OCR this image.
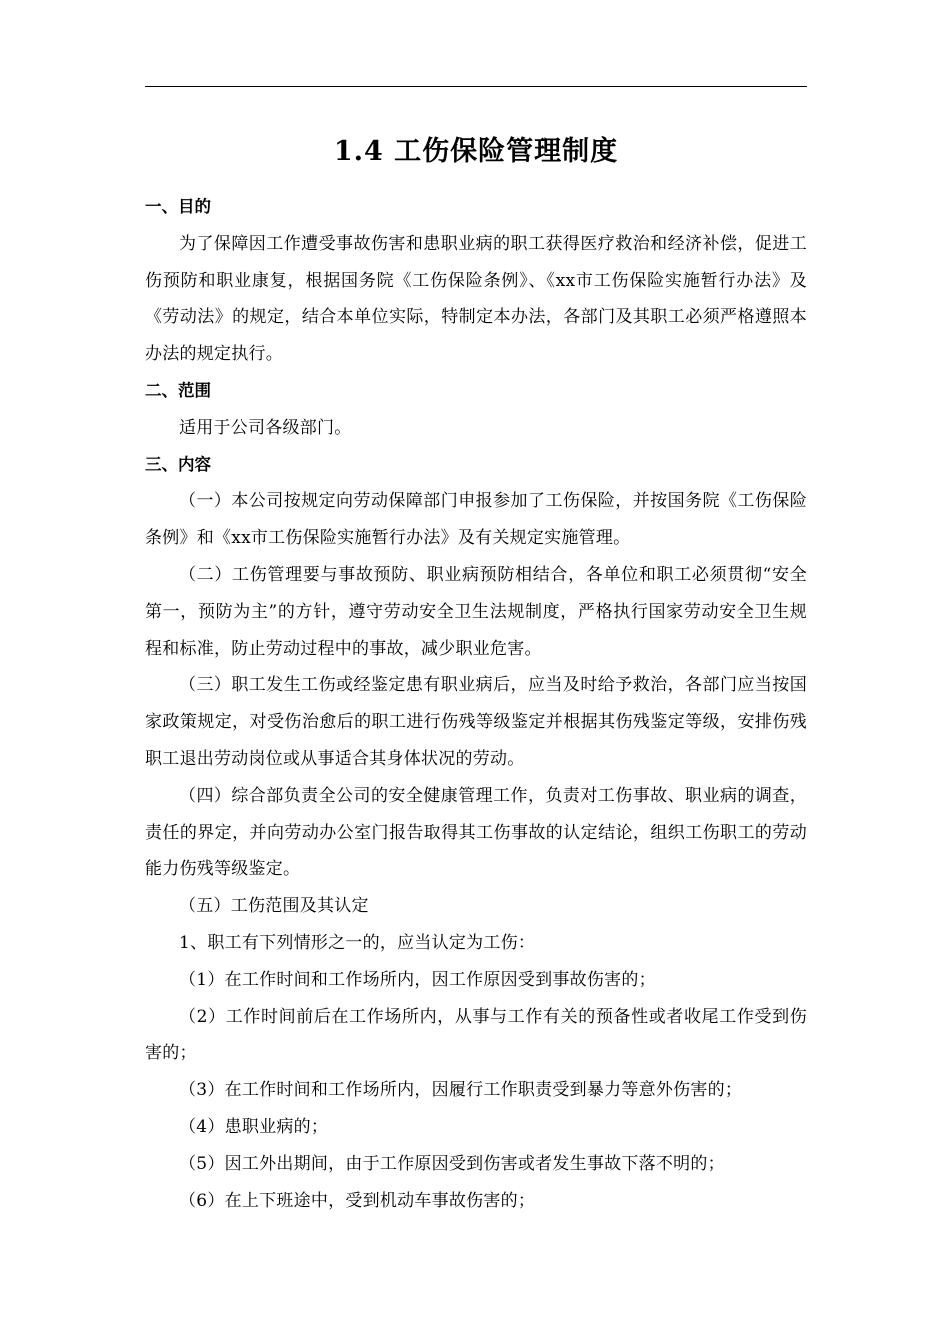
1.4 工伤保险管理制度

一、目的

为了保障因工作遭受事故伤害和患职业病的职工获得医疗救治和经济补偿，促进工伤预防和职业康复，根据国务院《工伤保险条例》、《xx市工伤保险实施暂行办法》及《劳动法》的规定，结合本单位实际，特制定本办法，各部门及其职工必须严格遵照本办法的规定执行。

二、范围

适用于公司各级部门。

三、内容

（一）本公司按规定向劳动保障部门申报参加了工伤保险，并按国务院《工伤保险条例》和《xx市工伤保险实施暂行办法》及有关规定实施管理。

（二）工伤管理要与事故预防、职业病预防相结合，各单位和职工必须贯彻“安全第一，预防为主”的方针，遵守劳动安全卫生法规制度，严格执行国家劳动安全卫生规程和标准，防止劳动过程中的事故，减少职业危害。

（三）职工发生工伤或经鉴定患有职业病后，应当及时给予救治，各部门应当按国家政策规定，对受伤治愈后的职工进行伤残等级鉴定并根据其伤残鉴定等级，安排伤残职工退出劳动岗位或从事适合其身体状况的劳动。

（四）综合部负责全公司的安全健康管理工作，负责对工伤事故、职业病的调查，责任的界定，并向劳动办公室门报告取得其工伤事故的认定结论，组织工伤职工的劳动能力伤残等级鉴定。

（五）工伤范围及其认定

1、职工有下列情形之一的，应当认定为工伤：

（1）在工作时间和工作场所内，因工作原因受到事故伤害的；

（2）工作时间前后在工作场所内，从事与工作有关的预备性或者收尾工作受到伤害的；

（3）在工作时间和工作场所内，因履行工作职责受到暴力等意外伤害的；

（4）患职业病的；

（5）因工外出期间，由于工作原因受到伤害或者发生事故下落不明的；

（6）在上下班途中，受到机动车事故伤害的；
